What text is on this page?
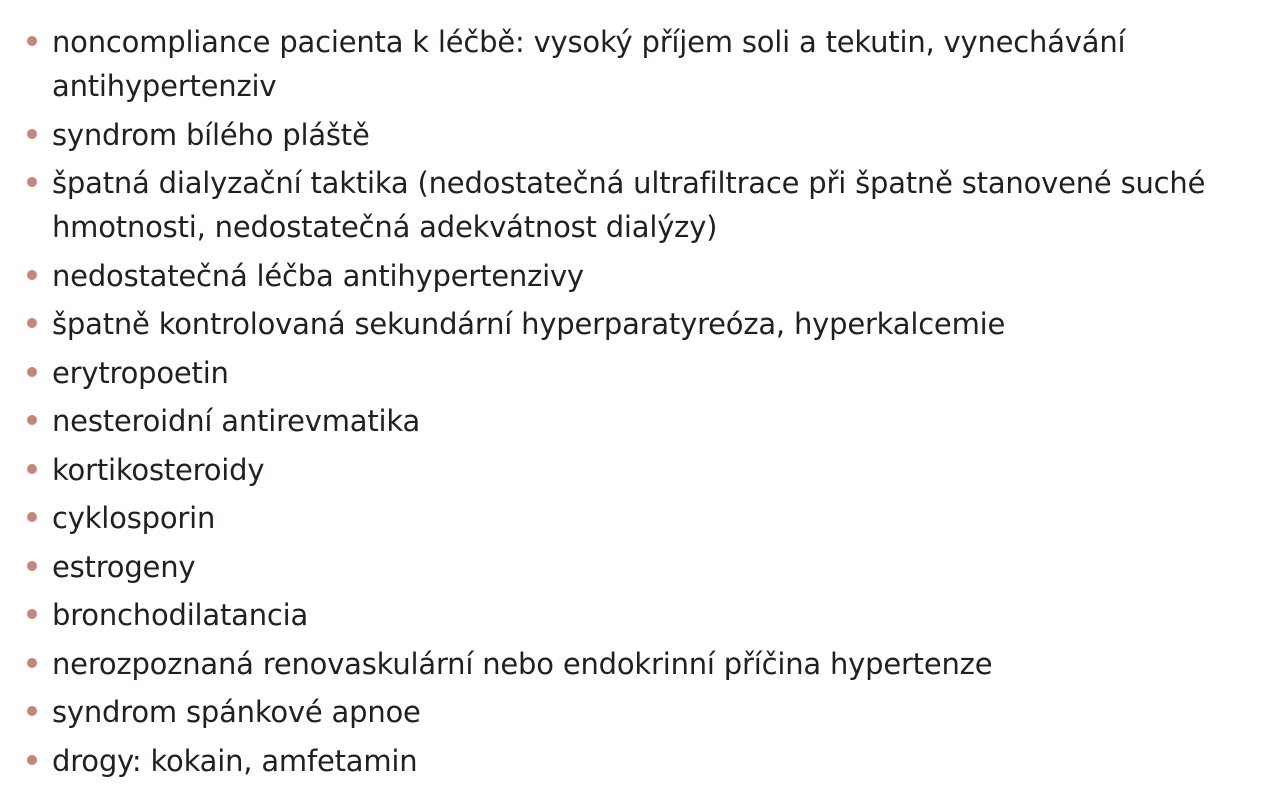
noncompliance pacienta k léčbě: vysoký příjem soli a tekutin, vynechávání antihypertenziv
syndrom bílého pláště
špatná dialyzační taktika (nedostatečná ultrafiltrace při špatně stanovené suché hmotnosti, nedostatečná adekvátnost dialýzy)
nedostatečná léčba antihypertenzivy
špatně kontrolovaná sekundární hyperparatyreóza, hyperkalcemie
erytropoetin
nesteroidní antirevmatika
kortikosteroidy
cyklosporin
estrogeny
bronchodilatancia
nerozpoznaná renovaskulární nebo endokrinní příčina hypertenze
syndrom spánkové apnoe
drogy: kokain, amfetamin
